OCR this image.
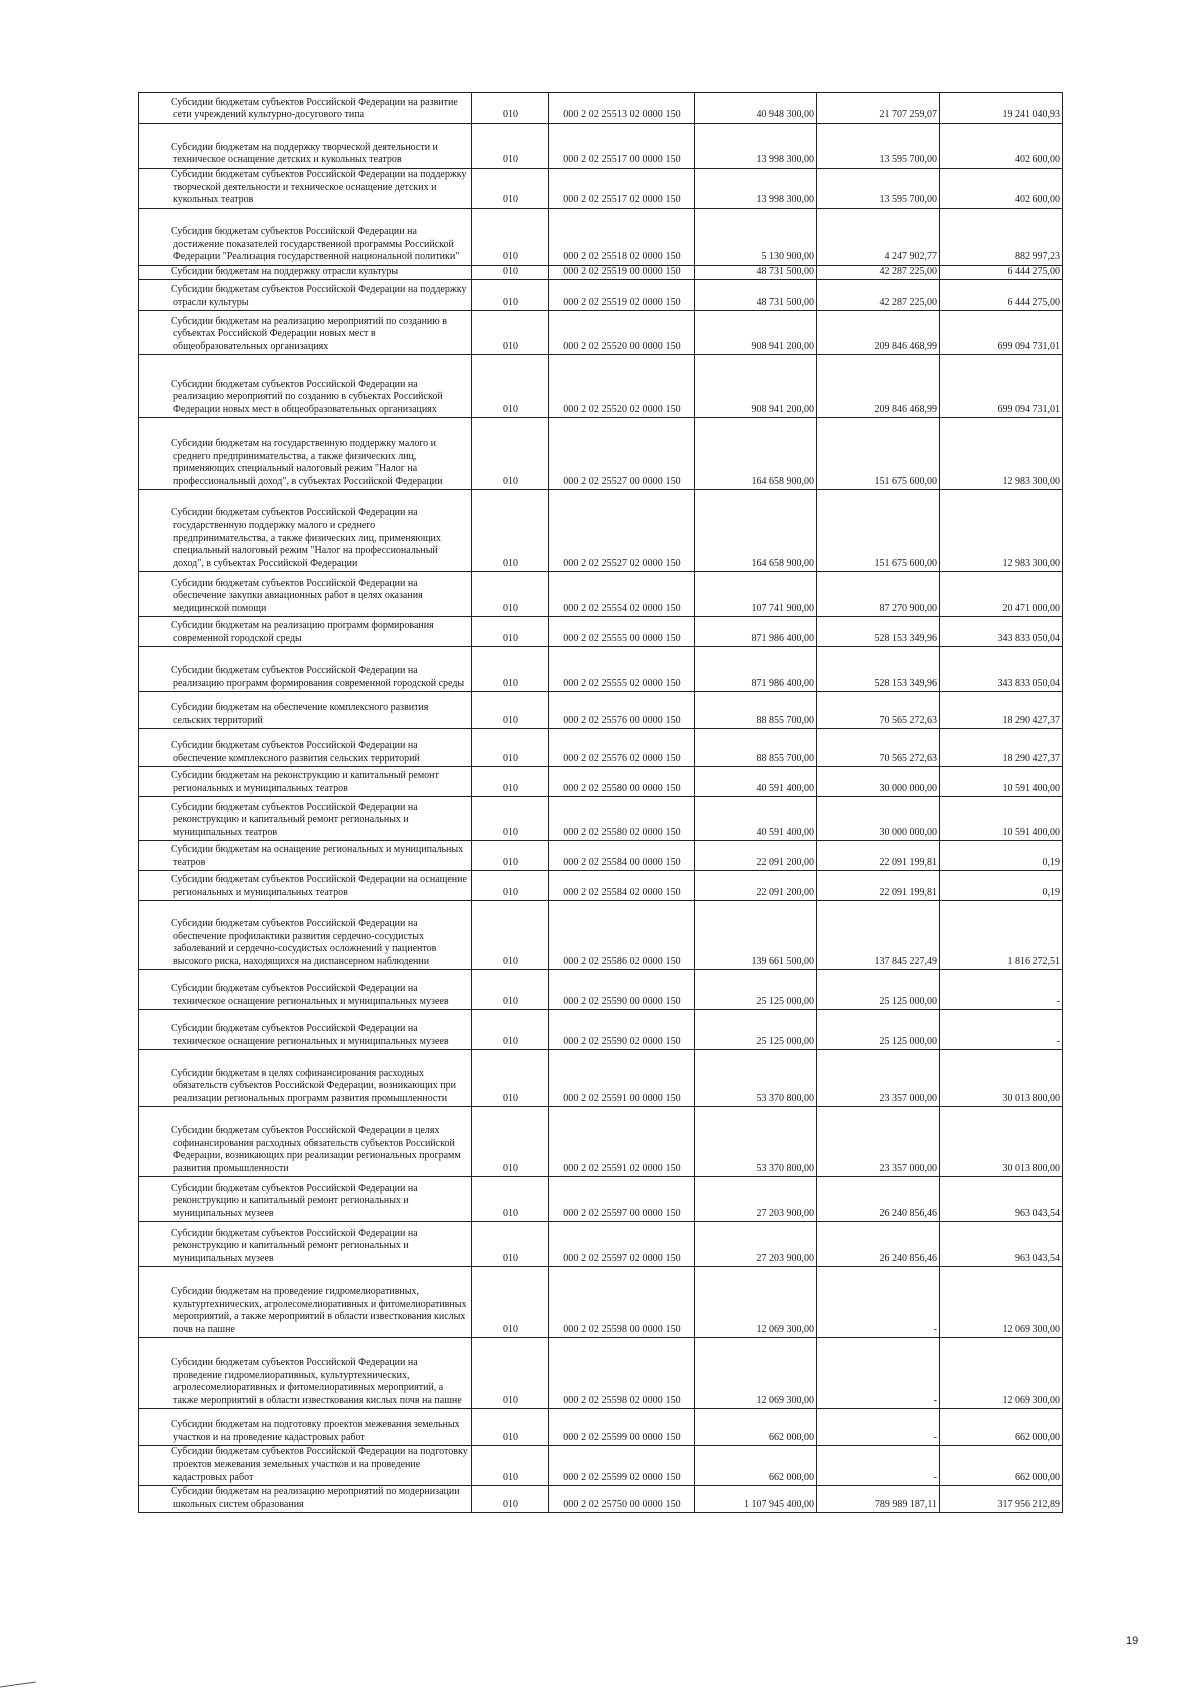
Субсидии бюджетам субъектов Российской Федерации на развитие сети учреждений культурно-досугового типа	010	000 2 02 25513 02 0000 150	40 948 300,00	21 707 259,07	19 241 040,93
Субсидии бюджетам на поддержку творческой деятельности и техническое оснащение детских и кукольных театров	010	000 2 02 25517 00 0000 150	13 998 300,00	13 595 700,00	402 600,00
Субсидии бюджетам субъектов Российской Федерации на поддержку творческой деятельности и техническое оснащение детских и кукольных театров	010	000 2 02 25517 02 0000 150	13 998 300,00	13 595 700,00	402 600,00
Субсидия бюджетам субъектов Российской Федерации на достижение показателей государственной программы Российской Федерации "Реализация государственной национальной политики"	010	000 2 02 25518 02 0000 150	5 130 900,00	4 247 902,77	882 997,23
Субсидии бюджетам на поддержку отрасли культуры	010	000 2 02 25519 00 0000 150	48 731 500,00	42 287 225,00	6 444 275,00
Субсидии бюджетам субъектов Российской Федерации на поддержку отрасли культуры	010	000 2 02 25519 02 0000 150	48 731 500,00	42 287 225,00	6 444 275,00
Субсидии бюджетам на реализацию мероприятий по созданию в субъектах Российской Федерации новых мест в общеобразовательных организациях	010	000 2 02 25520 00 0000 150	908 941 200,00	209 846 468,99	699 094 731,01
Субсидии бюджетам субъектов Российской Федерации на реализацию мероприятий по созданию в субъектах Российской Федерации новых мест в общеобразовательных организациях	010	000 2 02 25520 02 0000 150	908 941 200,00	209 846 468,99	699 094 731,01
Субсидии бюджетам на государственную поддержку малого и среднего предпринимательства, а также физических лиц, применяющих специальный налоговый режим "Налог на профессиональный доход", в субъектах Российской Федерации	010	000 2 02 25527 00 0000 150	164 658 900,00	151 675 600,00	12 983 300,00
Субсидии бюджетам субъектов Российской Федерации на государственную поддержку малого и среднего предпринимательства, а также физических лиц, применяющих специальный налоговый режим "Налог на профессиональный доход", в субъектах Российской Федерации	010	000 2 02 25527 02 0000 150	164 658 900,00	151 675 600,00	12 983 300,00
Субсидии бюджетам субъектов Российской Федерации на обеспечение закупки авиационных работ в целях оказания медицинской помощи	010	000 2 02 25554 02 0000 150	107 741 900,00	87 270 900,00	20 471 000,00
Субсидии бюджетам на реализацию программ формирования современной городской среды	010	000 2 02 25555 00 0000 150	871 986 400,00	528 153 349,96	343 833 050,04
Субсидии бюджетам субъектов Российской Федерации на реализацию программ формирования современной городской среды	010	000 2 02 25555 02 0000 150	871 986 400,00	528 153 349,96	343 833 050,04
Субсидии бюджетам на обеспечение комплексного развития сельских территорий	010	000 2 02 25576 00 0000 150	88 855 700,00	70 565 272,63	18 290 427,37
Субсидии бюджетам субъектов Российской Федерации на обеспечение комплексного развития сельских территорий	010	000 2 02 25576 02 0000 150	88 855 700,00	70 565 272,63	18 290 427,37
Субсидии бюджетам на реконструкцию и капитальный ремонт региональных и муниципальных театров	010	000 2 02 25580 00 0000 150	40 591 400,00	30 000 000,00	10 591 400,00
Субсидии бюджетам субъектов Российской Федерации на реконструкцию и капитальный ремонт региональных и муниципальных театров	010	000 2 02 25580 02 0000 150	40 591 400,00	30 000 000,00	10 591 400,00
Субсидии бюджетам на оснащение региональных и муниципальных театров	010	000 2 02 25584 00 0000 150	22 091 200,00	22 091 199,81	0,19
Субсидии бюджетам субъектов Российской Федерации на оснащение региональных и муниципальных театров	010	000 2 02 25584 02 0000 150	22 091 200,00	22 091 199,81	0,19
Субсидии бюджетам субъектов Российской Федерации на обеспечение профилактики развития сердечно-сосудистых заболеваний и сердечно-сосудистых осложнений у пациентов высокого риска, находящихся на диспансерном наблюдении	010	000 2 02 25586 02 0000 150	139 661 500,00	137 845 227,49	1 816 272,51
Субсидии бюджетам субъектов Российской Федерации на техническое оснащение региональных и муниципальных музеев	010	000 2 02 25590 00 0000 150	25 125 000,00	25 125 000,00	-
Субсидии бюджетам субъектов Российской Федерации на техническое оснащение региональных и муниципальных музеев	010	000 2 02 25590 02 0000 150	25 125 000,00	25 125 000,00	-
Субсидии бюджетам в целях софинансирования расходных обязательств субъектов Российской Федерации, возникающих при реализации региональных программ развития промышленности	010	000 2 02 25591 00 0000 150	53 370 800,00	23 357 000,00	30 013 800,00
Субсидии бюджетам субъектов Российской Федерации в целях софинансирования расходных обязательств субъектов Российской Федерации, возникающих при реализации региональных программ развития промышленности	010	000 2 02 25591 02 0000 150	53 370 800,00	23 357 000,00	30 013 800,00
Субсидии бюджетам субъектов Российской Федерации на реконструкцию и капитальный ремонт региональных и муниципальных музеев	010	000 2 02 25597 00 0000 150	27 203 900,00	26 240 856,46	963 043,54
Субсидии бюджетам субъектов Российской Федерации на реконструкцию и капитальный ремонт региональных и муниципальных музеев	010	000 2 02 25597 02 0000 150	27 203 900,00	26 240 856,46	963 043,54
Субсидии бюджетам на проведение гидромелиоративных, культуртехнических, агролесомелиоративных и фитомелиоративных мероприятий, а также мероприятий в области известкования кислых почв на пашне	010	000 2 02 25598 00 0000 150	12 069 300,00	-	12 069 300,00
Субсидии бюджетам субъектов Российской Федерации на проведение гидромелиоративных, культуртехнических, агролесомелиоративных и фитомелиоративных мероприятий, а также мероприятий в области известкования кислых почв на пашне	010	000 2 02 25598 02 0000 150	12 069 300,00	-	12 069 300,00
Субсидии бюджетам на подготовку проектов межевания земельных участков и на проведение кадастровых работ	010	000 2 02 25599 00 0000 150	662 000,00	-	662 000,00
Субсидии бюджетам субъектов Российской Федерации на подготовку проектов межевания земельных участков и на проведение кадастровых работ	010	000 2 02 25599 02 0000 150	662 000,00	-	662 000,00
Субсидии бюджетам на реализацию мероприятий по модернизации школьных систем образования	010	000 2 02 25750 00 0000 150	1 107 945 400,00	789 989 187,11	317 956 212,89
19
